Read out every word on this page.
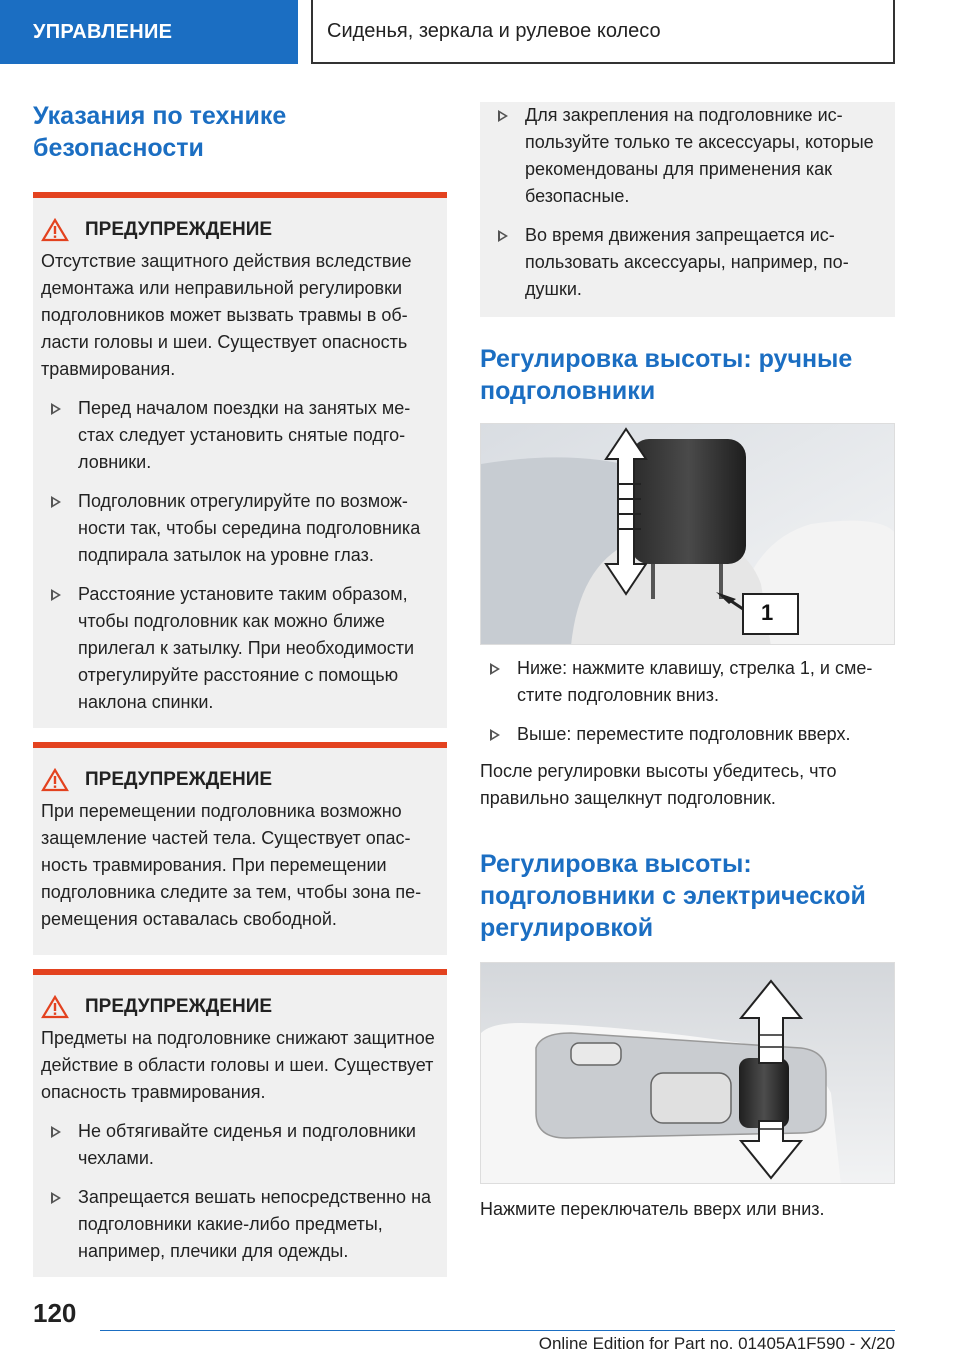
УПРАВЛЕНИЕ	Сиденья, зеркала и рулевое колесо
Указания по технике безопасности
ПРЕДУПРЕЖДЕНИЕ
Отсутствие защитного действия вследствие демонтажа или неправильной регулировки подголовников может вызвать травмы в области головы и шеи. Существует опасность травмирования.
Перед началом поездки на занятых местах следует установить снятые подголовники.
Подголовник отрегулируйте по возможности так, чтобы середина подголовника подпирала затылок на уровне глаз.
Расстояние установите таким образом, чтобы подголовник как можно ближе прилегал к затылку. При необходимости отрегулируйте расстояние с помощью наклона спинки.
ПРЕДУПРЕЖДЕНИЕ
При перемещении подголовника возможно защемление частей тела. Существует опасность травмирования. При перемещении подголовника следите за тем, чтобы зона перемещения оставалась свободной.
ПРЕДУПРЕЖДЕНИЕ
Предметы на подголовнике снижают защитное действие в области головы и шеи. Существует опасность травмирования.
Не обтягивайте сиденья и подголовники чехлами.
Запрещается вешать непосредственно на подголовники какие-либо предметы, например, плечики для одежды.
Для закрепления на подголовнике используйте только те аксессуары, которые рекомендованы для применения как безопасные.
Во время движения запрещается использовать аксессуары, например, подушки.
Регулировка высоты: ручные подголовники
1
Ниже: нажмите клавишу, стрелка 1, и сместите подголовник вниз.
Выше: переместите подголовник вверх.
После регулировки высоты убедитесь, что правильно защелкнут подголовник.
Регулировка высоты: подголовники с электрической регулировкой
Нажмите переключатель вверх или вниз.
120
Online Edition for Part no. 01405A1F590 - X/20
